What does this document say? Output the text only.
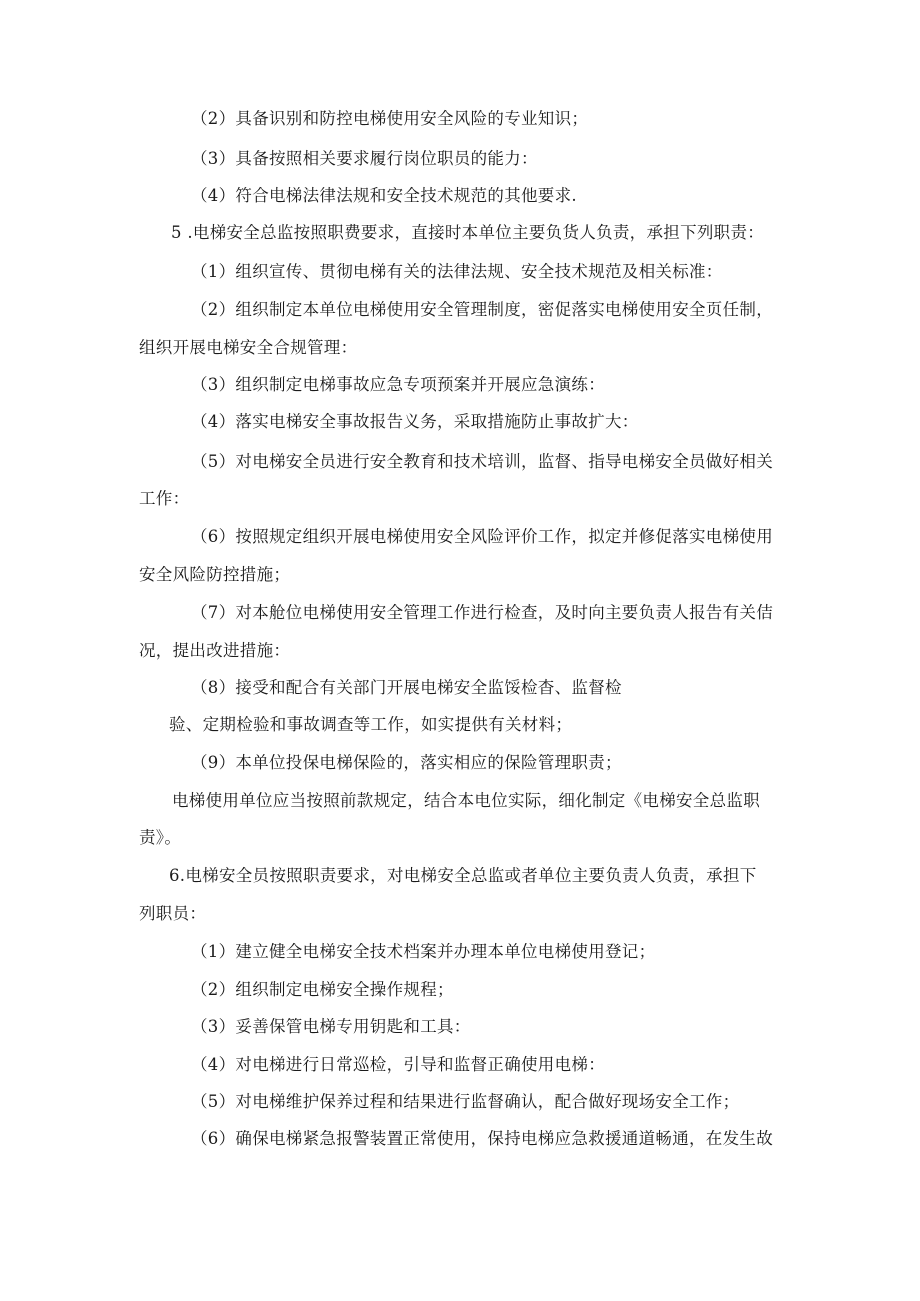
（2）具备识别和防控电梯使用安全风险的专业知识；
（3）具备按照相关要求履行岗位职员的能力：
（4）符合电梯法律法规和安全技术规范的其他要求.
5 .电梯安全总监按照职费要求，直接时本单位主要负货人负责，承担下列职责：
（1）组织宣传、贯彻电梯有关的法律法规、安全技术规范及相关标准：
（2）组织制定本单位电梯使用安全管理制度，密促落实电梯使用安全页任制，
组织开展电梯安全合规管理：
（3）组织制定电梯事故应急专项预案并开展应急演练：
（4）落实电梯安全事故报告义务，采取措施防止事故扩大：
（5）对电梯安全员进行安全教育和技术培训，监督、指导电梯安全员做好相关
工作：
（6）按照规定组织开展电梯使用安全风险评价工作，拟定并修促落实电梯使用
安全风险防控措施；
（7）对本舱位电梯使用安全管理工作进行检查，及时向主要负责人报告有关佶
况，提出改进措施：
（8）接受和配合有关部门开展电梯安全监馁检杳、监督检
验、定期检验和事故调查等工作，如实提供有关材料；
（9）本单位投保电梯保险的，落实相应的保险管理职责；
电梯使用单位应当按照前款规定，结合本电位实际，细化制定《电梯安全总监职
责》。
6.电梯安全员按照职责要求，对电梯安全总监或者单位主要负责人负责，承担下
列职员：
（1）建立健全电梯安全技术档案并办理本单位电梯使用登记；
（2）组织制定电梯安全操作规程；
（3）妥善保管电梯专用钥匙和工具：
（4）对电梯进行日常巡检，引导和监督正确使用电梯：
（5）对电梯维护保养过程和结果进行监督确认，配合做好现场安全工作；
（6）确保电梯紧急报警装置正常使用，保持电梯应急救援通道畅通，在发生故
